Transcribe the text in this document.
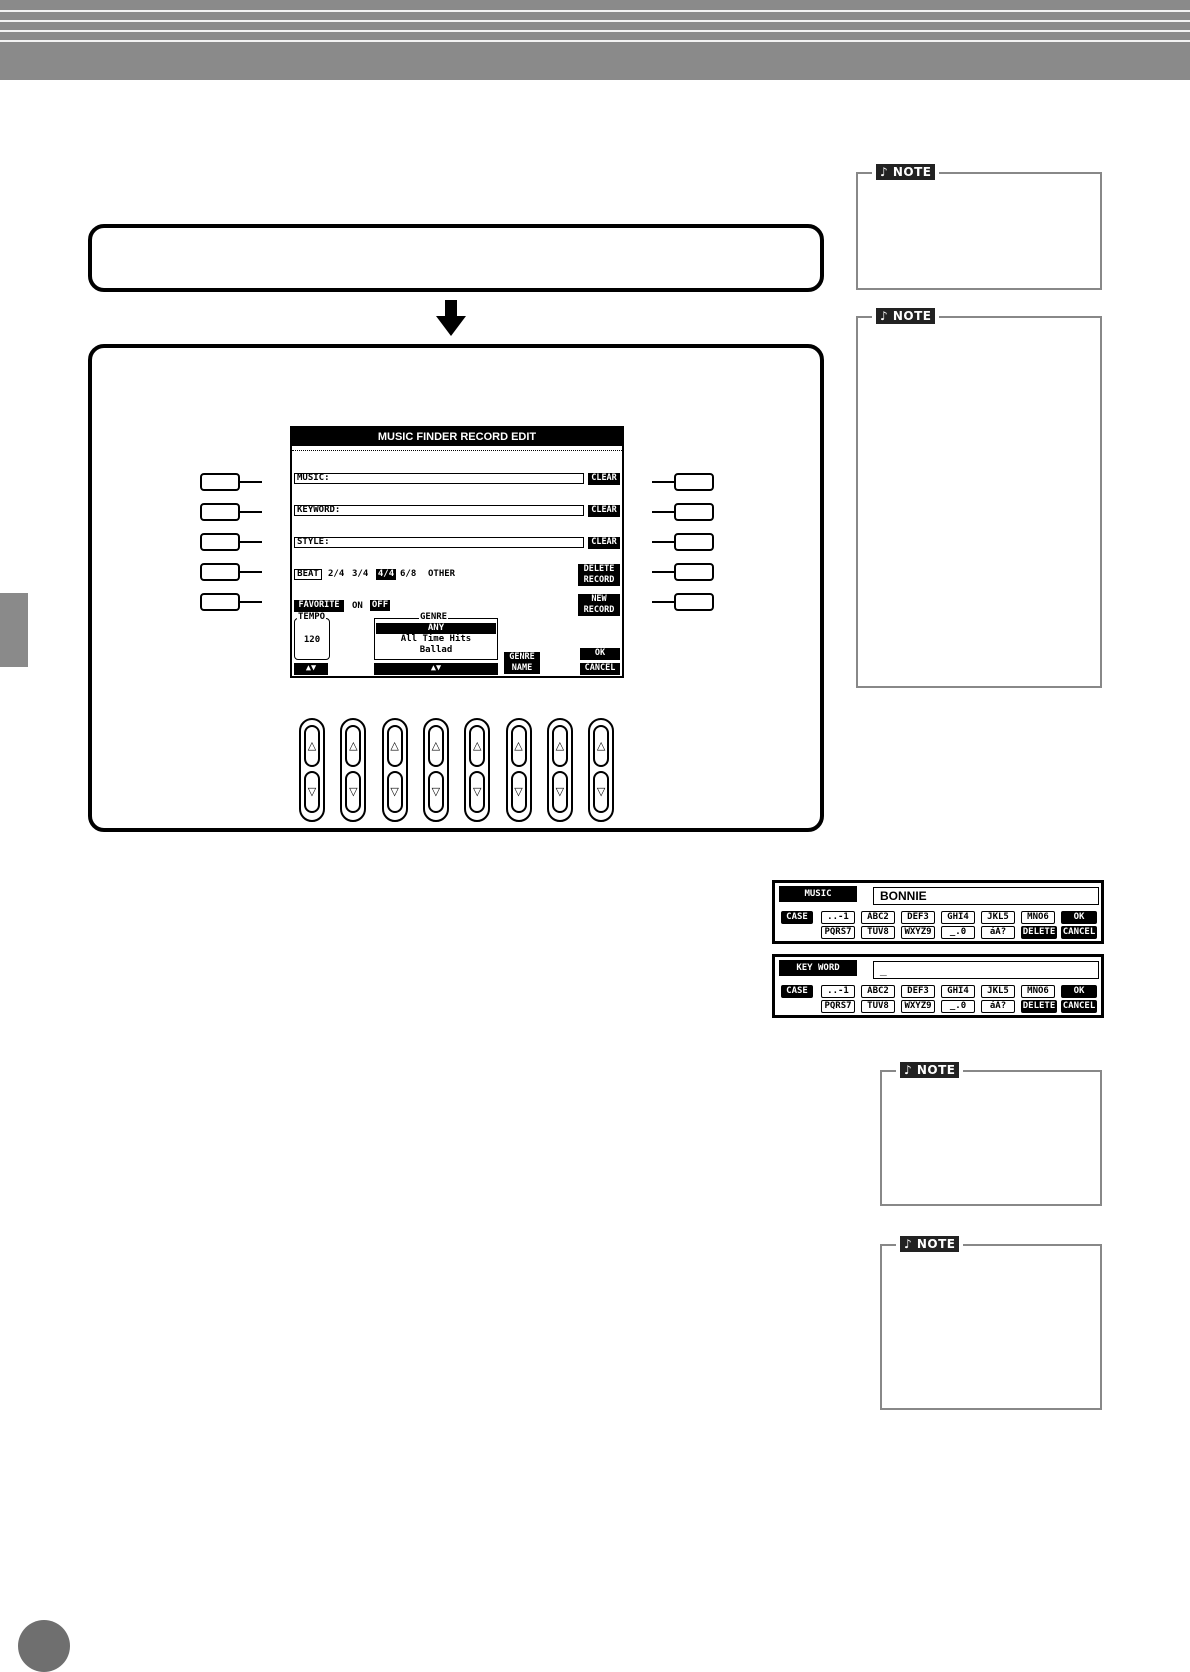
MUSIC FINDER RECORD EDIT
MUSIC:	CLEAR
KEYWORD:	CLEAR
STYLE:	CLEAR
BEAT	2/4 3/4 4/4 6/8 OTHER	DELETE
RECORD
FAVORITE	ON OFF
NEW
RECORD
TEMPO
120
▲▼
GENRE
ANY
All Time Hits
Ballad
▲▼
GENRE
NAME
OK
CANCEL
△
▽
△
▽
△
▽
△
▽
△
▽
△
▽
△
▽
△
▽
♪ NOTE
♪ NOTE
♪ NOTE
♪ NOTE
MUSIC	BONNIE
CASE	..-1	ABC2	DEF3	GHI4	JKL5	MNO6	OK
PQRS7	TUV8	WXYZ9	_.0	áA?	DELETE CANCEL
KEY WORD	_
CASE	..-1	ABC2	DEF3	GHI4	JKL5	MNO6	OK
PQRS7	TUV8	WXYZ9	_.0	áA?	DELETE CANCEL
